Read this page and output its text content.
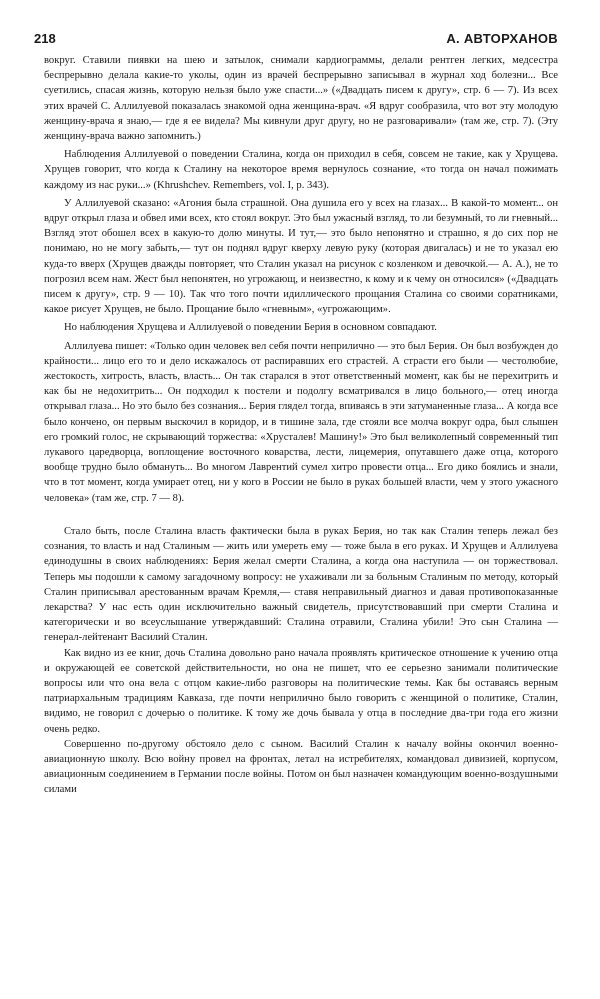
218	А. АВТОРХАНОВ

вокруг. Ставили пиявки на шею и затылок, снимали кардиограммы, делали рентген легких, медсестра беспрерывно делала какие-то уколы, один из врачей беспрерывно записывал в журнал ход болезни... Все суетились, спасая жизнь, которую нельзя было уже спасти...» («Двадцать писем к другу», стр. 6 — 7). Из всех этих врачей С. Аллилуевой показалась знакомой одна женщина-врач. «Я вдруг сообразила, что вот эту молодую женщину-врача я знаю,— где я ее видела? Мы кивнули друг другу, но не разговаривали» (там же, стр. 7). (Эту женщину-врача важно запомнить.)

Наблюдения Аллилуевой о поведении Сталина, когда он приходил в себя, совсем не такие, как у Хрущева. Хрущев говорит, что когда к Сталину на некоторое время вернулось сознание, «то тогда он начал пожимать каждому из нас руки...» (Khrushchev. Remembers, vol. I, p. 343).

У Аллилуевой сказано: «Агония была страшной. Она душила его у всех на глазах... В какой-то момент... он вдруг открыл глаза и обвел ими всех, кто стоял вокруг. Это был ужасный взгляд, то ли безумный, то ли гневный... Взгляд этот обошел всех в какую-то долю минуты. И тут,— это было непонятно и страшно, я до сих пор не понимаю, но не могу забыть,— тут он поднял вдруг кверху левую руку (которая двигалась) и не то указал ею куда-то вверх (Хрущев дважды повторяет, что Сталин указал на рисунок с козленком и девочкой.— А. А.), не то погрозил всем нам. Жест был непонятен, но угрожающ, и неизвестно, к кому и к чему он относился» («Двадцать писем к другу», стр. 9 — 10). Так что того почти идиллического прощания Сталина со своими соратниками, какое рисует Хрущев, не было. Прощание было «гневным», «угрожающим».

Но наблюдения Хрущева и Аллилуевой о поведении Берия в основном совпадают.

Аллилуева пишет: «Только один человек вел себя почти неприлично — это был Берия. Он был возбужден до крайности... лицо его то и дело искажалось от распиравших его страстей. А страсти его были — честолюбие, жестокость, хитрость, власть, власть... Он так старался в этот ответственный момент, как бы не перехитрить и как бы не недохитрить... Он подходил к постели и подолгу всматривался в лицо больного,— отец иногда открывал глаза... Но это было без сознания... Берия глядел тогда, впиваясь в эти затуманенные глаза... А когда все было кончено, он первым выскочил в коридор, и в тишине зала, где стояли все молча вокруг одра, был слышен его громкий голос, не скрывающий торжества: «Хрусталев! Машину!» Это был великолепный современный тип лукавого царедворца, воплощение восточного коварства, лести, лицемерия, опутавшего даже отца, которого вообще трудно было обмануть... Во многом Лаврентий сумел хитро провести отца... Его дико боялись и знали, что в тот момент, когда умирает отец, ни у кого в России не было в руках большей власти, чем у этого ужасного человека» (там же, стр. 7 — 8).

Стало быть, после Сталина власть фактически была в руках Берия, но так как Сталин теперь лежал без сознания, то власть и над Сталиным — жить или умереть ему — тоже была в его руках. И Хрущев и Аллилуева единодушны в своих наблюдениях: Берия желал смерти Сталина, а когда она наступила — он торжествовал. Теперь мы подошли к самому загадочному вопросу: не ухаживали ли за больным Сталиным по методу, который Сталин приписывал арестованным врачам Кремля,— ставя неправильный диагноз и давая противопоказанные лекарства? У нас есть один исключительно важный свидетель, присутствовавший при смерти Сталина и категорически и во всеуслышание утверждавший: Сталина отравили, Сталина убили! Это сын Сталина — генерал-лейтенант Василий Сталин.

Как видно из ее книг, дочь Сталина довольно рано начала проявлять критическое отношение к учению отца и окружающей ее советской действительности, но она не пишет, что ее серьезно занимали политические вопросы или что она вела с отцом какие-либо разговоры на политические темы. Как бы оставаясь верным патриархальным традициям Кавказа, где почти неприлично было говорить с женщиной о политике, Сталин, видимо, не говорил с дочерью о политике. К тому же дочь бывала у отца в последние два-три года его жизни очень редко.

Совершенно по-другому обстояло дело с сыном. Василий Сталин к началу войны окончил военно-авиационную школу. Всю войну провел на фронтах, летал на истребителях, командовал дивизией, корпусом, авиационным соединением в Германии после войны. Потом он был назначен командующим военно-воздушными силами
